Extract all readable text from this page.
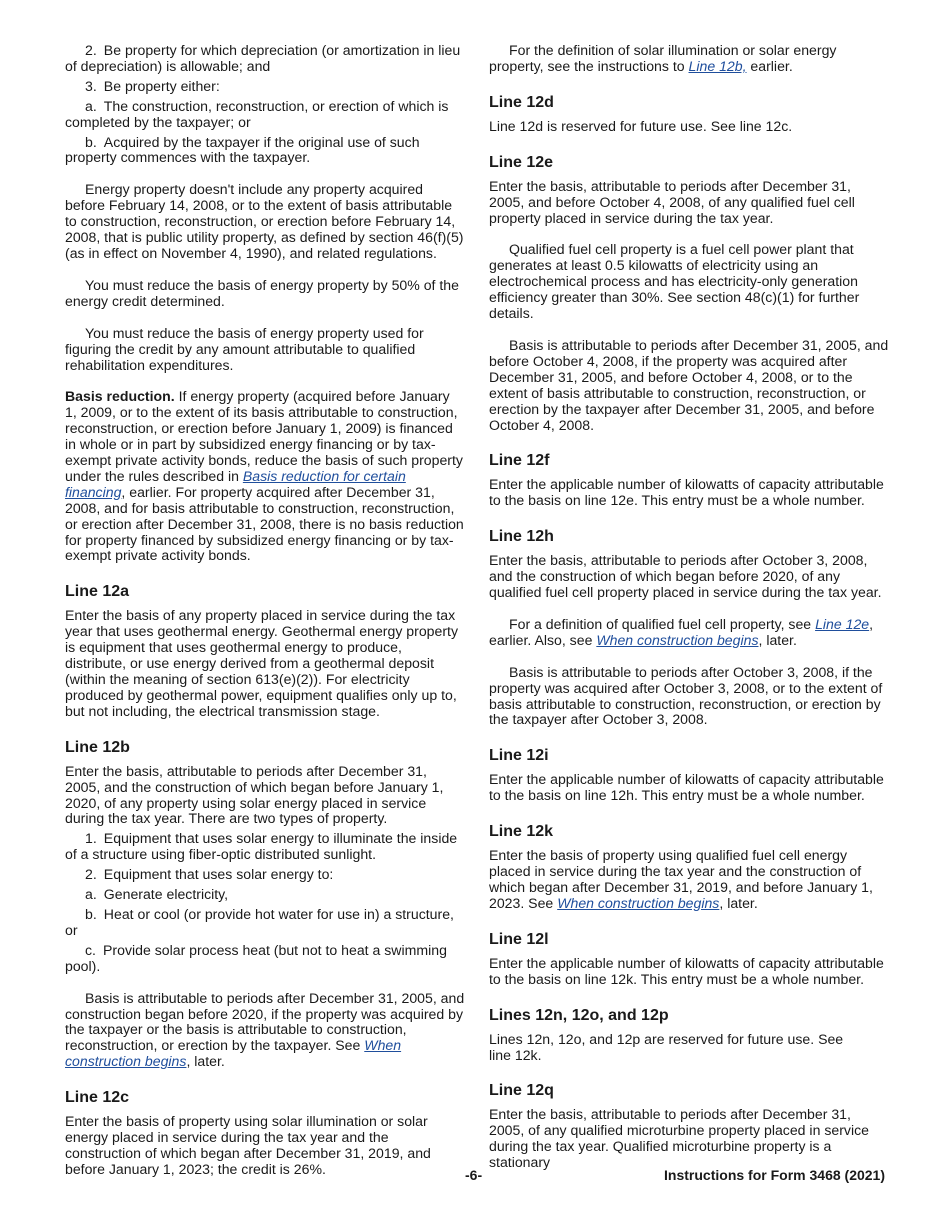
2. Be property for which depreciation (or amortization in lieu of depreciation) is allowable; and

3. Be property either:

a. The construction, reconstruction, or erection of which is completed by the taxpayer; or

b. Acquired by the taxpayer if the original use of such property commences with the taxpayer.

Energy property doesn't include any property acquired before February 14, 2008, or to the extent of basis attributable to construction, reconstruction, or erection before February 14, 2008, that is public utility property, as defined by section 46(f)(5) (as in effect on November 4, 1990), and related regulations.

You must reduce the basis of energy property by 50% of the energy credit determined.

You must reduce the basis of energy property used for figuring the credit by any amount attributable to qualified rehabilitation expenditures.

Basis reduction. If energy property (acquired before January 1, 2009, or to the extent of its basis attributable to construction, reconstruction, or erection before January 1, 2009) is financed in whole or in part by subsidized energy financing or by tax-exempt private activity bonds, reduce the basis of such property under the rules described in Basis reduction for certain financing, earlier. For property acquired after December 31, 2008, and for basis attributable to construction, reconstruction, or erection after December 31, 2008, there is no basis reduction for property financed by subsidized energy financing or by tax-exempt private activity bonds.

Line 12a

Enter the basis of any property placed in service during the tax year that uses geothermal energy. Geothermal energy property is equipment that uses geothermal energy to produce, distribute, or use energy derived from a geothermal deposit (within the meaning of section 613(e)(2)). For electricity produced by geothermal power, equipment qualifies only up to, but not including, the electrical transmission stage.

Line 12b

Enter the basis, attributable to periods after December 31, 2005, and the construction of which began before January 1, 2020, of any property using solar energy placed in service during the tax year. There are two types of property.

1. Equipment that uses solar energy to illuminate the inside of a structure using fiber-optic distributed sunlight.

2. Equipment that uses solar energy to:

a. Generate electricity,

b. Heat or cool (or provide hot water for use in) a structure, or

c. Provide solar process heat (but not to heat a swimming pool).

Basis is attributable to periods after December 31, 2005, and construction began before 2020, if the property was acquired by the taxpayer or the basis is attributable to construction, reconstruction, or erection by the taxpayer. See When construction begins, later.

Line 12c

Enter the basis of property using solar illumination or solar energy placed in service during the tax year and the construction of which began after December 31, 2019, and before January 1, 2023; the credit is 26%.

For the definition of solar illumination or solar energy property, see the instructions to Line 12b, earlier.

Line 12d

Line 12d is reserved for future use. See line 12c.

Line 12e

Enter the basis, attributable to periods after December 31, 2005, and before October 4, 2008, of any qualified fuel cell property placed in service during the tax year.

Qualified fuel cell property is a fuel cell power plant that generates at least 0.5 kilowatts of electricity using an electrochemical process and has electricity-only generation efficiency greater than 30%. See section 48(c)(1) for further details.

Basis is attributable to periods after December 31, 2005, and before October 4, 2008, if the property was acquired after December 31, 2005, and before October 4, 2008, or to the extent of basis attributable to construction, reconstruction, or erection by the taxpayer after December 31, 2005, and before October 4, 2008.

Line 12f

Enter the applicable number of kilowatts of capacity attributable to the basis on line 12e. This entry must be a whole number.

Line 12h

Enter the basis, attributable to periods after October 3, 2008, and the construction of which began before 2020, of any qualified fuel cell property placed in service during the tax year.

For a definition of qualified fuel cell property, see Line 12e, earlier. Also, see When construction begins, later.

Basis is attributable to periods after October 3, 2008, if the property was acquired after October 3, 2008, or to the extent of basis attributable to construction, reconstruction, or erection by the taxpayer after October 3, 2008.

Line 12i

Enter the applicable number of kilowatts of capacity attributable to the basis on line 12h. This entry must be a whole number.

Line 12k

Enter the basis of property using qualified fuel cell energy placed in service during the tax year and the construction of which began after December 31, 2019, and before January 1, 2023. See When construction begins, later.

Line 12l

Enter the applicable number of kilowatts of capacity attributable to the basis on line 12k. This entry must be a whole number.

Lines 12n, 12o, and 12p

Lines 12n, 12o, and 12p are reserved for future use. See line 12k.

Line 12q

Enter the basis, attributable to periods after December 31, 2005, of any qualified microturbine property placed in service during the tax year. Qualified microturbine property is a stationary

-6-	Instructions for Form 3468 (2021)
